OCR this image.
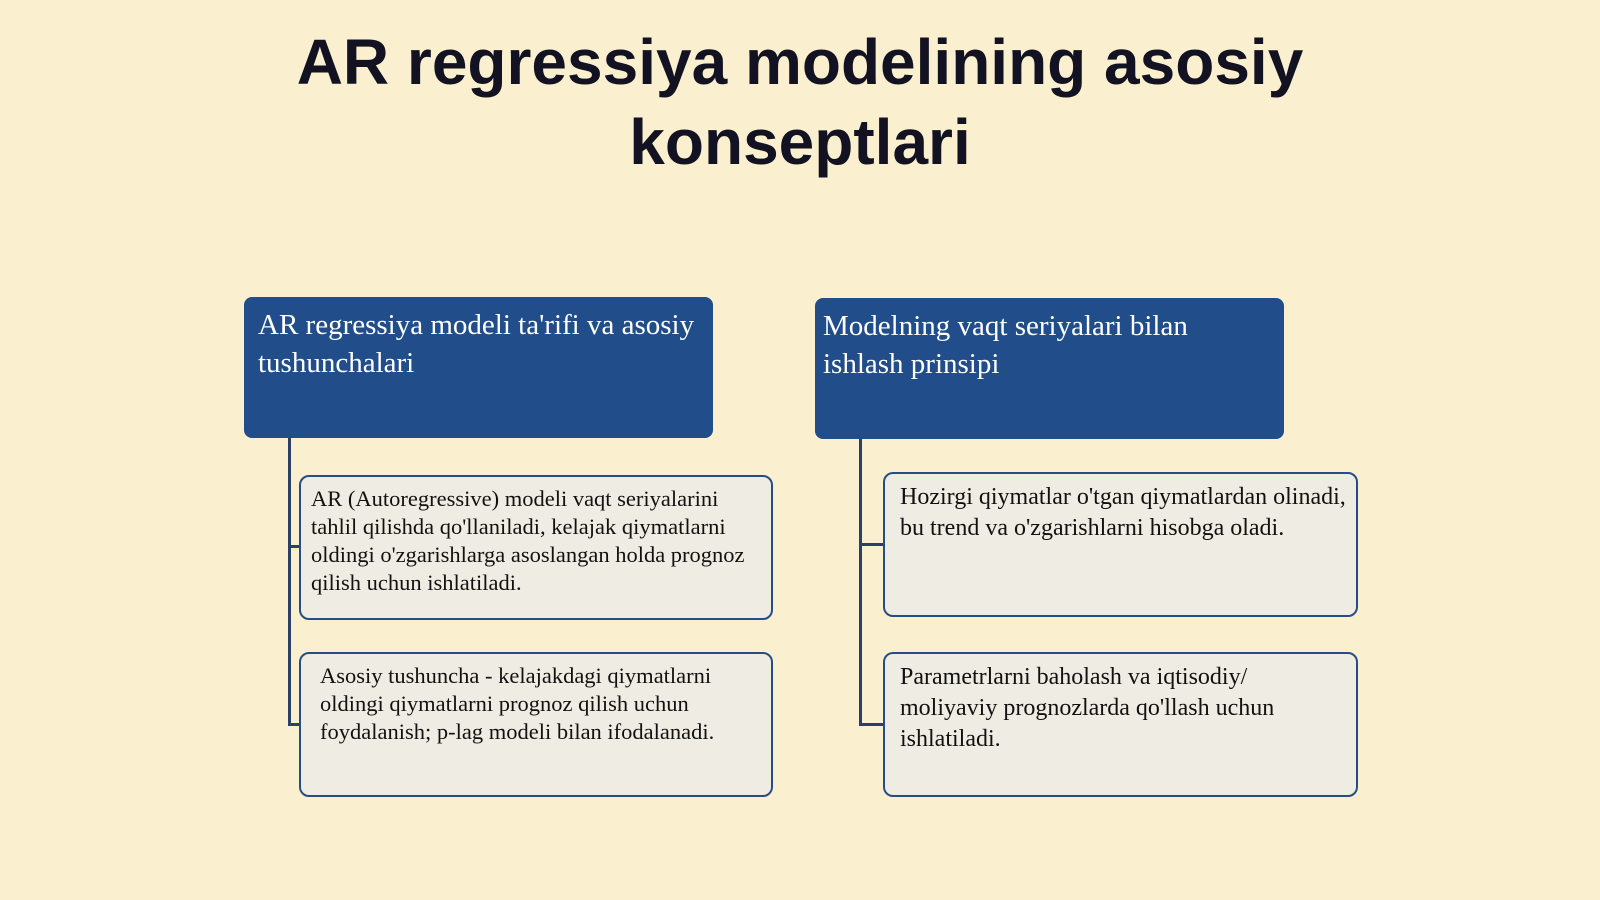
AR regressiya modelining asosiy konseptlari
AR regressiya modeli ta'rifi va asosiy tushunchalari
AR (Autoregressive) modeli vaqt seriyalarini tahlil qilishda qo'llaniladi, kelajak qiymatlarni oldingi o'zgarishlarga asoslangan holda prognoz qilish uchun ishlatiladi.
Asosiy tushuncha - kelajakdagi qiymatlarni oldingi qiymatlarni prognoz qilish uchun foydalanish; p-lag modeli bilan ifodalanadi.
Modelning vaqt seriyalari bilan ishlash prinsipi
Hozirgi qiymatlar o'tgan qiymatlardan olinadi, bu trend va o'zgarishlarni hisobga oladi.
Parametrlarni baholash va iqtisodiy/ moliyaviy prognozlarda qo'llash uchun ishlatiladi.
